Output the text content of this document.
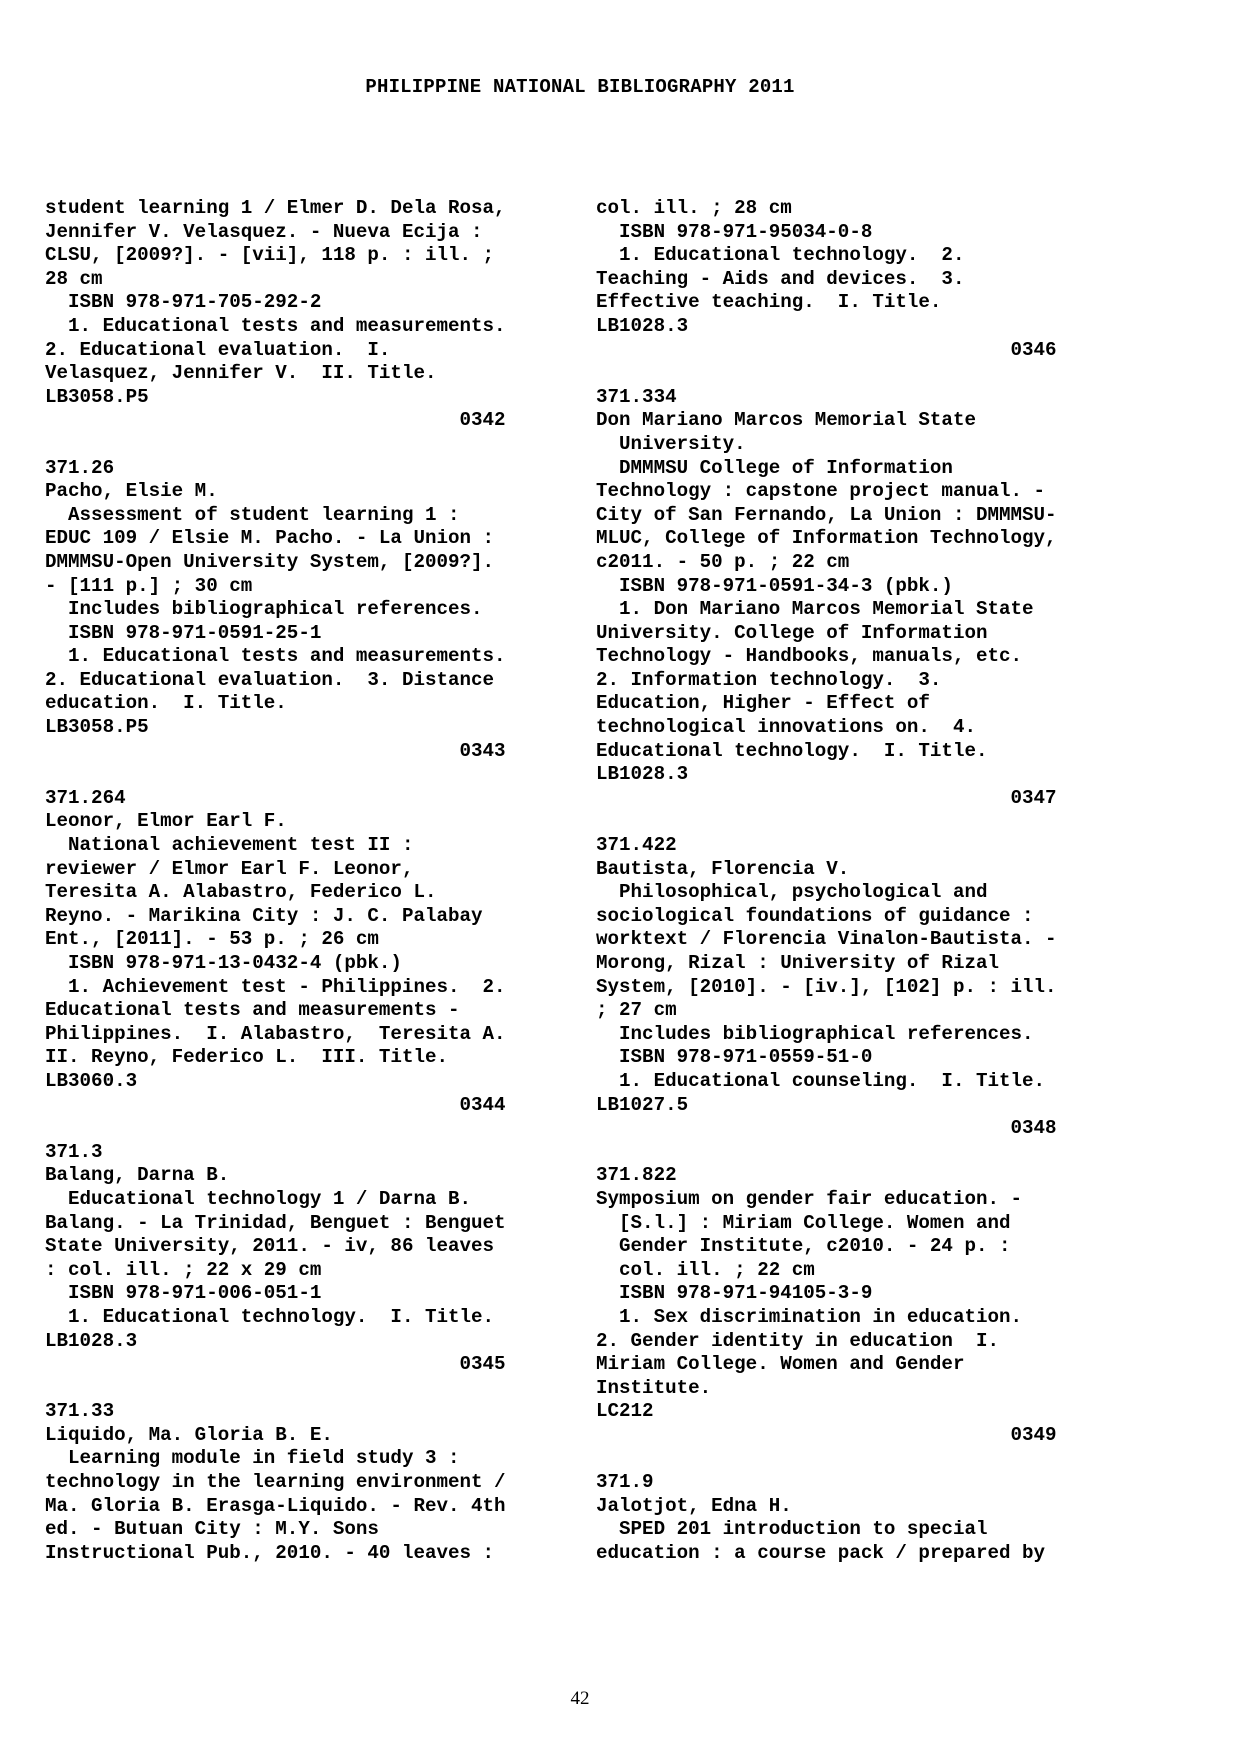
PHILIPPINE NATIONAL BIBLIOGRAPHY 2011
student learning 1 / Elmer D. Dela Rosa,
Jennifer V. Velasquez. - Nueva Ecija :
CLSU, [2009?]. - [vii], 118 p. : ill. ;
28 cm
ISBN 978-971-705-292-2
1. Educational tests and measurements.
2. Educational evaluation.  I.
Velasquez, Jennifer V.  II. Title.
LB3058.P5
0342
371.26
Pacho, Elsie M.
Assessment of student learning 1 :
EDUC 109 / Elsie M. Pacho. - La Union :
DMMMSU-Open University System, [2009?].
- [111 p.] ; 30 cm
Includes bibliographical references.
ISBN 978-971-0591-25-1
1. Educational tests and measurements.
2. Educational evaluation.  3. Distance
education.  I. Title.
LB3058.P5
0343
371.264
Leonor, Elmor Earl F.
National achievement test II :
reviewer / Elmor Earl F. Leonor,
Teresita A. Alabastro, Federico L.
Reyno. - Marikina City : J. C. Palabay
Ent., [2011]. - 53 p. ; 26 cm
ISBN 978-971-13-0432-4 (pbk.)
1. Achievement test - Philippines.  2.
Educational tests and measurements -
Philippines.  I. Alabastro,  Teresita A.
II. Reyno, Federico L.  III. Title.
LB3060.3
0344
371.3
Balang, Darna B.
Educational technology 1 / Darna B.
Balang. - La Trinidad, Benguet : Benguet
State University, 2011. - iv, 86 leaves
: col. ill. ; 22 x 29 cm
ISBN 978-971-006-051-1
1. Educational technology.  I. Title.
LB1028.3
0345
371.33
Liquido, Ma. Gloria B. E.
Learning module in field study 3 :
technology in the learning environment /
Ma. Gloria B. Erasga-Liquido. - Rev. 4th
ed. - Butuan City : M.Y. Sons
Instructional Pub., 2010. - 40 leaves :
col. ill. ; 28 cm
ISBN 978-971-95034-0-8
1. Educational technology.  2.
Teaching - Aids and devices.  3.
Effective teaching.  I. Title.
LB1028.3
0346
371.334
Don Mariano Marcos Memorial State
University.
DMMMSU College of Information
Technology : capstone project manual. -
City of San Fernando, La Union : DMMMSU-
MLUC, College of Information Technology,
c2011. - 50 p. ; 22 cm
ISBN 978-971-0591-34-3 (pbk.)
1. Don Mariano Marcos Memorial State
University. College of Information
Technology - Handbooks, manuals, etc.
2. Information technology.  3.
Education, Higher - Effect of
technological innovations on.  4.
Educational technology.  I. Title.
LB1028.3
0347
371.422
Bautista, Florencia V.
Philosophical, psychological and
sociological foundations of guidance :
worktext / Florencia Vinalon-Bautista. -
Morong, Rizal : University of Rizal
System, [2010]. - [iv.], [102] p. : ill.
; 27 cm
Includes bibliographical references.
ISBN 978-971-0559-51-0
1. Educational counseling.  I. Title.
LB1027.5
0348
371.822
Symposium on gender fair education. -
[S.l.] : Miriam College. Women and
Gender Institute, c2010. - 24 p. :
col. ill. ; 22 cm
ISBN 978-971-94105-3-9
1. Sex discrimination in education.
2. Gender identity in education  I.
Miriam College. Women and Gender
Institute.
LC212
0349
371.9
Jalotjot, Edna H.
SPED 201 introduction to special
education : a course pack / prepared by
42
